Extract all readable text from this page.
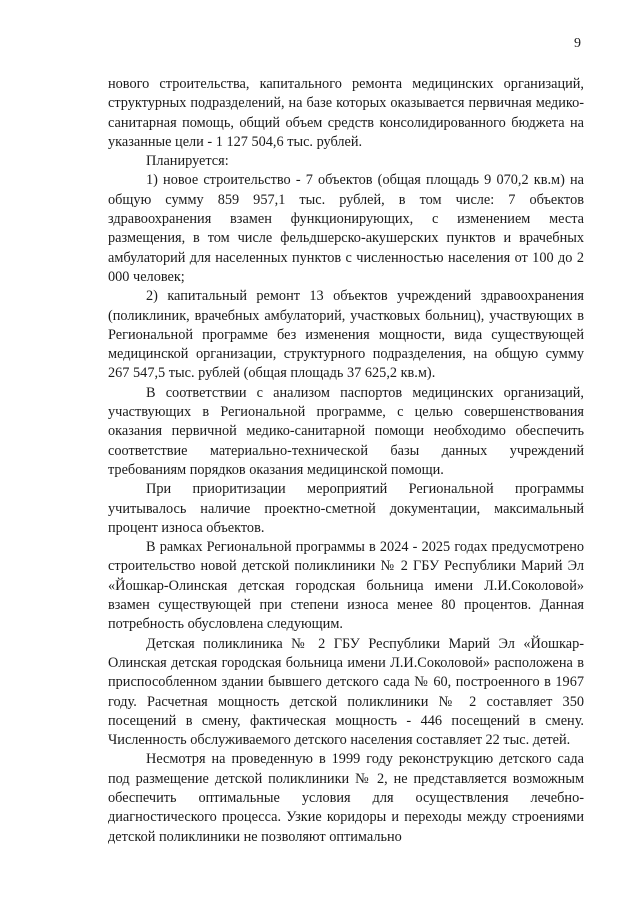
9

нового строительства, капитального ремонта медицинских организаций, структурных подразделений, на базе которых оказывается первичная медико-санитарная помощь, общий объем средств консолидированного бюджета на указанные цели - 1 127 504,6 тыс. рублей.

Планируется:

1) новое строительство - 7 объектов (общая площадь 9 070,2 кв.м) на общую сумму 859 957,1 тыс. рублей, в том числе: 7 объектов здравоохранения взамен функционирующих, с изменением места размещения, в том числе фельдшерско-акушерских пунктов и врачебных амбулаторий для населенных пунктов с численностью населения от 100 до 2 000 человек;

2) капитальный ремонт 13 объектов учреждений здравоохранения (поликлиник, врачебных амбулаторий, участковых больниц), участвующих в Региональной программе без изменения мощности, вида существующей медицинской организации, структурного подразделения, на общую сумму 267 547,5 тыс. рублей (общая площадь 37 625,2 кв.м).

В соответствии с анализом паспортов медицинских организаций, участвующих в Региональной программе, с целью совершенствования оказания первичной медико-санитарной помощи необходимо обеспечить соответствие материально-технической базы данных учреждений требованиям порядков оказания медицинской помощи.

При приоритизации мероприятий Региональной программы учитывалось наличие проектно-сметной документации, максимальный процент износа объектов.

В рамках Региональной программы в 2024 - 2025 годах предусмотрено строительство новой детской поликлиники № 2 ГБУ Республики Марий Эл «Йошкар-Олинская детская городская больница имени Л.И.Соколовой» взамен существующей при степени износа менее 80 процентов. Данная потребность обусловлена следующим.

Детская поликлиника № 2 ГБУ Республики Марий Эл «Йошкар-Олинская детская городская больница имени Л.И.Соколовой» расположена в приспособленном здании бывшего детского сада № 60, построенного в 1967 году. Расчетная мощность детской поликлиники № 2 составляет 350 посещений в смену, фактическая мощность - 446 посещений в смену. Численность обслуживаемого детского населения составляет 22 тыс. детей.

Несмотря на проведенную в 1999 году реконструкцию детского сада под размещение детской поликлиники № 2, не представляется возможным обеспечить оптимальные условия для осуществления лечебно-диагностического процесса. Узкие коридоры и переходы между строениями детской поликлиники не позволяют оптимально
